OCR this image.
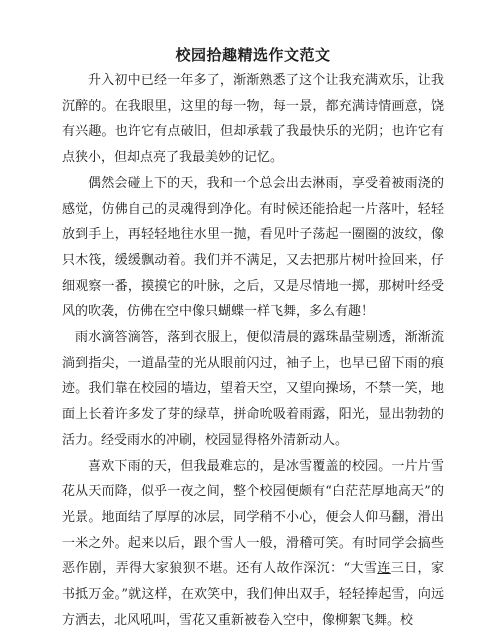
校园拾趣精选作文范文

升入初中已经一年多了，渐渐熟悉了这个让我充满欢乐，让我沉醉的。在我眼里，这里的每一物，每一景，都充满诗情画意，饶有兴趣。也许它有点破旧，但却承载了我最快乐的光阴；也许它有点狭小，但却点亮了我最美妙的记忆。

偶然会碰上下的天，我和一个总会出去淋雨，享受着被雨浇的感觉，仿佛自己的灵魂得到净化。有时候还能拾起一片落叶，轻轻放到手上，再轻轻地往水里一抛，看见叶子荡起一圈圈的波纹，像只木筏，缓缓飘动着。我们并不满足，又去把那片树叶捡回来，仔细观察一番，摸摸它的叶脉，之后，又是尽情地一掷，那树叶经受风的吹袭，仿佛在空中像只蝴蝶一样飞舞，多么有趣！

雨水滴答滴答，落到衣服上，便似清晨的露珠晶莹剔透，渐渐流淌到指尖，一道晶莹的光从眼前闪过，袖子上，也早已留下雨的痕迹。我们靠在校园的墙边，望着天空，又望向操场，不禁一笑，地面上长着许多发了芽的绿草，拼命吮吸着雨露，阳光，显出勃勃的活力。经受雨水的冲刷，校园显得格外清新动人。

喜欢下雨的天，但我最难忘的，是冰雪覆盖的校园。一片片雪花从天而降，似乎一夜之间，整个校园便颇有“白茫茫厚地高天”的光景。地面结了厚厚的冰层，同学稍不小心，便会人仰马翻，滑出一米之外。起来以后，跟个雪人一般，滑稽可笑。有时同学会搞些恶作剧，弄得大家狼狈不堪。还有人故作深沉：“大雪连三日，家书抵万金。”就这样，在欢笑中，我们伸出双手，轻轻捧起雪，向远方洒去，北风吼叫，雪花又重新被卷入空中，像柳絮飞舞。校
